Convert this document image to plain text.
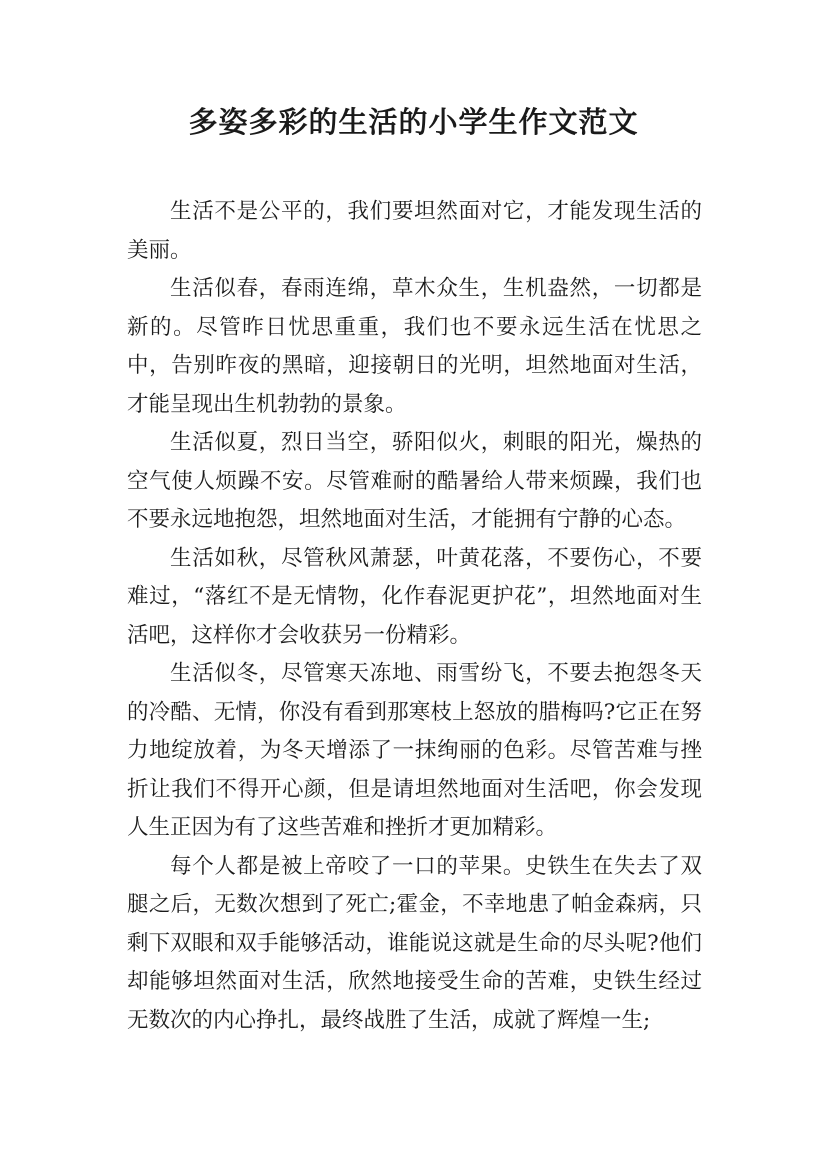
多姿多彩的生活的小学生作文范文

生活不是公平的，我们要坦然面对它，才能发现生活的美丽。

生活似春，春雨连绵，草木众生，生机盎然，一切都是新的。尽管昨日忧思重重，我们也不要永远生活在忧思之中，告别昨夜的黑暗，迎接朝日的光明，坦然地面对生活，才能呈现出生机勃勃的景象。

生活似夏，烈日当空，骄阳似火，刺眼的阳光，燥热的空气使人烦躁不安。尽管难耐的酷暑给人带来烦躁，我们也不要永远地抱怨，坦然地面对生活，才能拥有宁静的心态。

生活如秋，尽管秋风萧瑟，叶黄花落，不要伤心，不要难过，“落红不是无情物，化作春泥更护花”，坦然地面对生活吧，这样你才会收获另一份精彩。

生活似冬，尽管寒天冻地、雨雪纷飞，不要去抱怨冬天的冷酷、无情，你没有看到那寒枝上怒放的腊梅吗?它正在努力地绽放着，为冬天增添了一抹绚丽的色彩。尽管苦难与挫折让我们不得开心颜，但是请坦然地面对生活吧，你会发现人生正因为有了这些苦难和挫折才更加精彩。

每个人都是被上帝咬了一口的苹果。史铁生在失去了双腿之后，无数次想到了死亡;霍金，不幸地患了帕金森病，只剩下双眼和双手能够活动，谁能说这就是生命的尽头呢?他们却能够坦然面对生活，欣然地接受生命的苦难，史铁生经过无数次的内心挣扎，最终战胜了生活，成就了辉煌一生;
